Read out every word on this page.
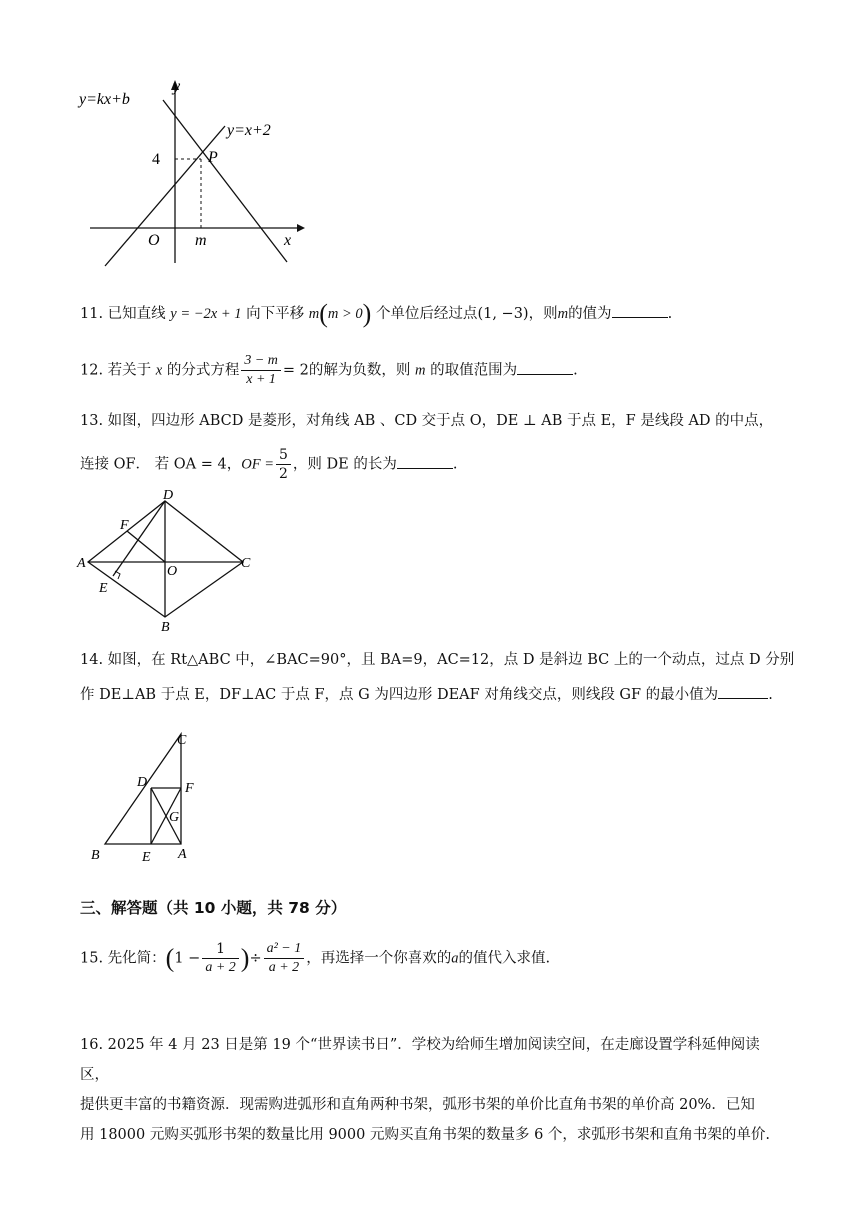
y=kx+b
y=x+2
y
x
4	P
O m
11. 已知直线 y = −2x + 1 向下平移 m(m > 0) 个单位后经过点(1, −3)，则m的值为	.
12. 若关于 x 的分式方程 $\frac{3 - m}{x + 1} = 2$的解为负数，则 m 的取值范围为	.
13. 如图，四边形 ABCD 是菱形，对角线 AB 、CD 交于点 O，DE ⊥ AB 于点 E，F 是线段 AD 的中点，
连接 OF． 若 OA = 4，OF = $\frac{5}{2}$ ，则 DE 的长为	.
D
F
A
O
C
E
B
14. 如图，在 Rt△ABC 中，∠BAC=90°，且 BA=9，AC=12，点 D 是斜边 BC 上的一个动点，过点 D 分别
作 DE⊥AB 于点 E，DF⊥AC 于点 F，点 G 为四边形 DEAF 对角线交点，则线段 GF 的最小值为	.
C
D	F
G
B	E A
三、解答题（共 10 小题，共 78 分）
15. 先化简：($1 - \frac{1}{a + 2}$ )÷ $\frac{\text{a² − 1}}{a + 2}$ ，再选择一个你喜欢的a的值代入求值.
16. 2025 年 4 月 23 日是第 19 个“世界读书日”．学校为给师生增加阅读空间，在走廊设置学科延伸阅读区，
提供更丰富的书籍资源．现需购进弧形和直角两种书架，弧形书架的单价比直角书架的单价高 20%．已知
用 18000 元购买弧形书架的数量比用 9000 元购买直角书架的数量多 6 个，求弧形书架和直角书架的单价.
